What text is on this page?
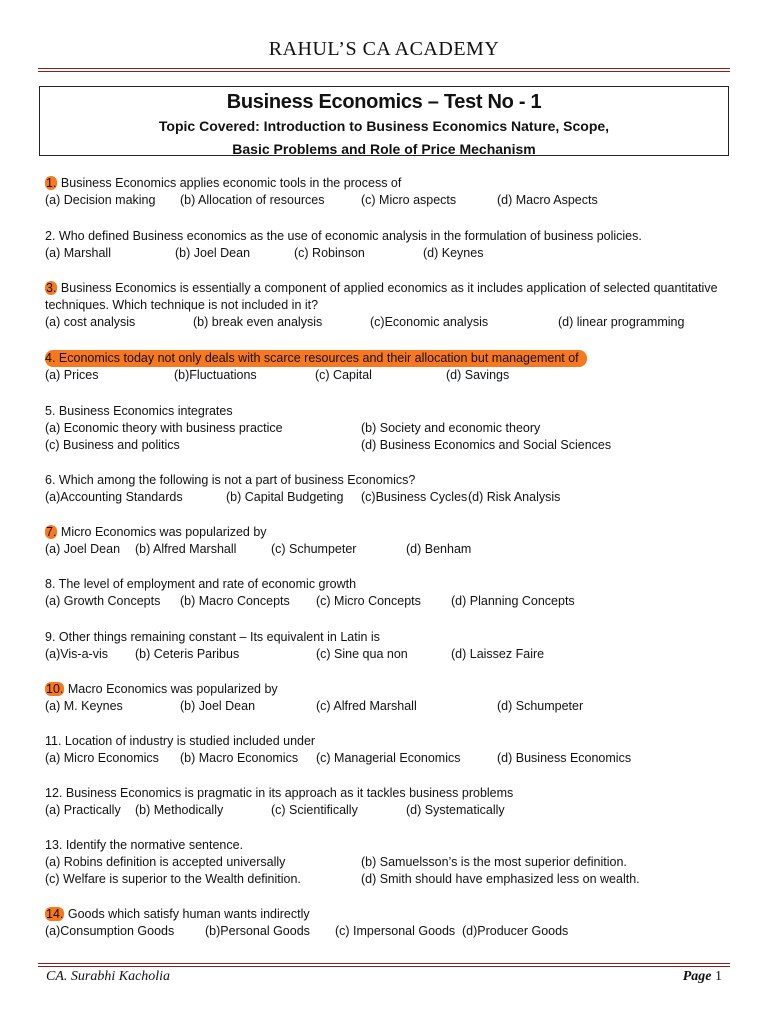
RAHUL’S CA ACADEMY
Business Economics – Test No - 1
Topic Covered: Introduction to Business Economics Nature, Scope,
Basic Problems and Role of Price Mechanism
1. Business Economics applies economic tools in the process of
(a) Decision making (b) Allocation of resources	(c) Micro aspects	(d) Macro Aspects
2. Who defined Business economics as the use of economic analysis in the formulation of business policies.
(a) Marshall	(b) Joel Dean	(c) Robinson	(d) Keynes
3. Business Economics is essentially a component of applied economics as it includes application of selected quantitative techniques. Which technique is not included in it?
(a) cost analysis	(b) break even analysis	(c)Economic analysis	(d) linear programming
4. Economics today not only deals with scarce resources and their allocation but management of
(a) Prices	(b)Fluctuations	(c) Capital	(d) Savings
5. Business Economics integrates
(a) Economic theory with business practice	(b) Society and economic theory
(c) Business and politics	(d) Business Economics and Social Sciences
6. Which among the following is not a part of business Economics?
(a)Accounting Standards	(b) Capital Budgeting (c)Business Cycles (d) Risk Analysis
7. Micro Economics was popularized by
(a) Joel Dean (b) Alfred Marshall	(c) Schumpeter	(d) Benham
8. The level of employment and rate of economic growth
(a) Growth Concepts (b) Macro Concepts (c) Micro Concepts (d) Planning Concepts
9. Other things remaining constant – Its equivalent in Latin is
(a)Vis-a-vis (b) Ceteris Paribus	(c) Sine qua non	(d) Laissez Faire
10. Macro Economics was popularized by
(a) M. Keynes	(b) Joel Dean	(c) Alfred Marshall	(d) Schumpeter
11. Location of industry is studied included under
(a) Micro Economics (b) Macro Economics (c) Managerial Economics	(d) Business Economics
12. Business Economics is pragmatic in its approach as it tackles business problems
(a) Practically (b) Methodically	(c) Scientifically	(d) Systematically
13. Identify the normative sentence.
(a) Robins definition is accepted universally	(b) Samuelsson’s is the most superior definition.
(c) Welfare is superior to the Wealth definition.	(d) Smith should have emphasized less on wealth.
14. Goods which satisfy human wants indirectly
(a)Consumption Goods (b)Personal Goods (c) Impersonal Goods (d)Producer Goods
CA. Surabhi Kacholia	Page 1
